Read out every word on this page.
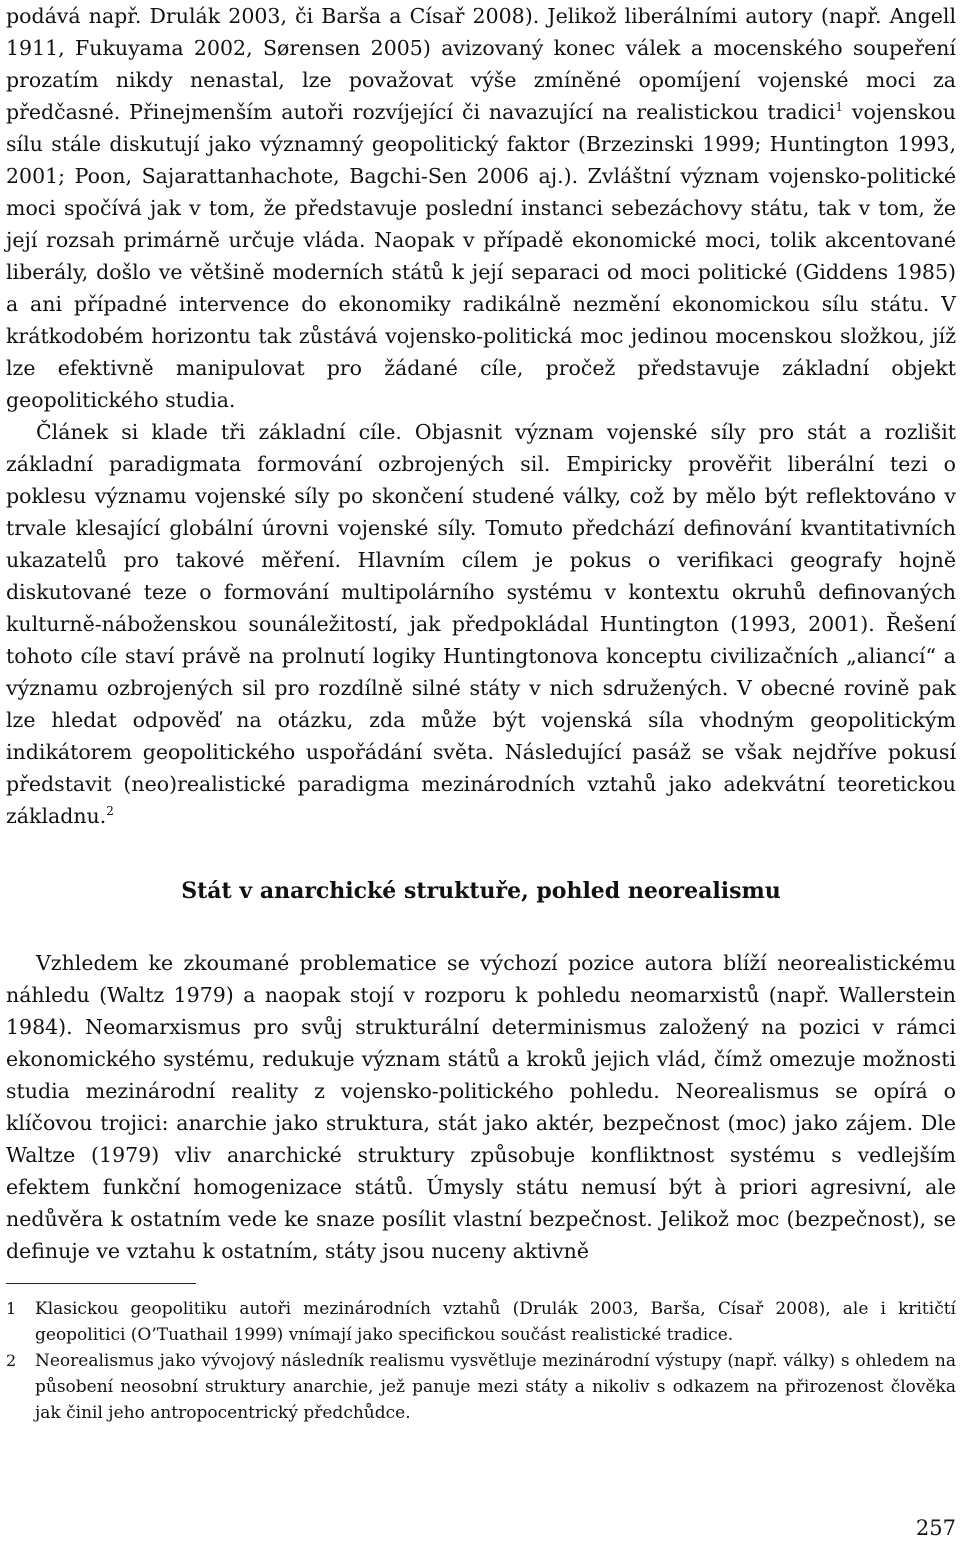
podává např. Drulák 2003, či Barša a Císař 2008). Jelikož liberálními autory (např. Angell 1911, Fukuyama 2002, Sørensen 2005) avizovaný konec válek a mocenského soupeření prozatím nikdy nenastal, lze považovat výše zmíněné opomíjení vojenské moci za předčasné. Přinejmenším autoři rozvíjející či navazující na realistickou tradici$^1$ vojenskou sílu stále diskutují jako významný geopolitický faktor (Brzezinski 1999; Huntington 1993, 2001; Poon, Sajarattanhachote, Bagchi-Sen 2006 aj.). Zvláštní význam vojensko-politické moci spočívá jak v tom, že představuje poslední instanci sebezáchovy státu, tak v tom, že její rozsah primárně určuje vláda. Naopak v případě ekonomické moci, tolik akcentované liberály, došlo ve většině moderních států k její separaci od moci politické (Giddens 1985) a ani případné intervence do ekonomiky radikálně nezmění ekonomickou sílu státu. V krátkodobém horizontu tak zůstává vojensko-politická moc jedinou mocenskou složkou, jíž lze efektivně manipulovat pro žádané cíle, pročež představuje základní objekt geopolitického studia.

Článek si klade tři základní cíle. Objasnit význam vojenské síly pro stát a rozlišit základní paradigmata formování ozbrojených sil. Empiricky prověřit liberální tezi o poklesu významu vojenské síly po skončení studené války, což by mělo být reflektováno v trvale klesající globální úrovni vojenské síly. Tomuto předchází definování kvantitativních ukazatelů pro takové měření. Hlavním cílem je pokus o verifikaci geografy hojně diskutované teze o formování multipolárního systému v kontextu okruhů definovaných kulturně-náboženskou sounáležitostí, jak předpokládal Huntington (1993, 2001). Řešení tohoto cíle staví právě na prolnutí logiky Huntingtonova konceptu civilizačních „aliancí“ a významu ozbrojených sil pro rozdílně silné státy v nich sdružených. V obecné rovině pak lze hledat odpověď na otázku, zda může být vojenská síla vhodným geopolitickým indikátorem geopolitického uspořádání světa. Následující pasáž se však nejdříve pokusí představit (neo)realistické paradigma mezinárodních vztahů jako adekvátní teoretickou základnu.$^2$

Stát v anarchické struktuře, pohled neorealismu

Vzhledem ke zkoumané problematice se výchozí pozice autora blíží neorealistickému náhledu (Waltz 1979) a naopak stojí v rozporu k pohledu neomarxistů (např. Wallerstein 1984). Neomarxismus pro svůj strukturální determinismus založený na pozici v rámci ekonomického systému, redukuje význam států a kroků jejich vlád, čímž omezuje možnosti studia mezinárodní reality z vojensko-politického pohledu. Neorealismus se opírá o klíčovou trojici: anarchie jako struktura, stát jako aktér, bezpečnost (moc) jako zájem. Dle Waltze (1979) vliv anarchické struktury způsobuje konfliktnost systému s vedlejším efektem funkční homogenizace států. Úmysly státu nemusí být à priori agresivní, ale nedůvěra k ostatním vede ke snaze posílit vlastní bezpečnost. Jelikož moc (bezpečnost), se definuje ve vztahu k ostatním, státy jsou nuceny aktivně

1 Klasickou geopolitiku autoři mezinárodních vztahů (Drulák 2003, Barša, Císař 2008), ale i kritičtí geopolitici (O’Tuathail 1999) vnímají jako specifickou součást realistické tradice.

2 Neorealismus jako vývojový následník realismu vysvětluje mezinárodní výstupy (např. války) s ohledem na působení neosobní struktury anarchie, jež panuje mezi státy a nikoliv s odkazem na přirozenost člověka jak činil jeho antropocentrický předchůdce.

257
